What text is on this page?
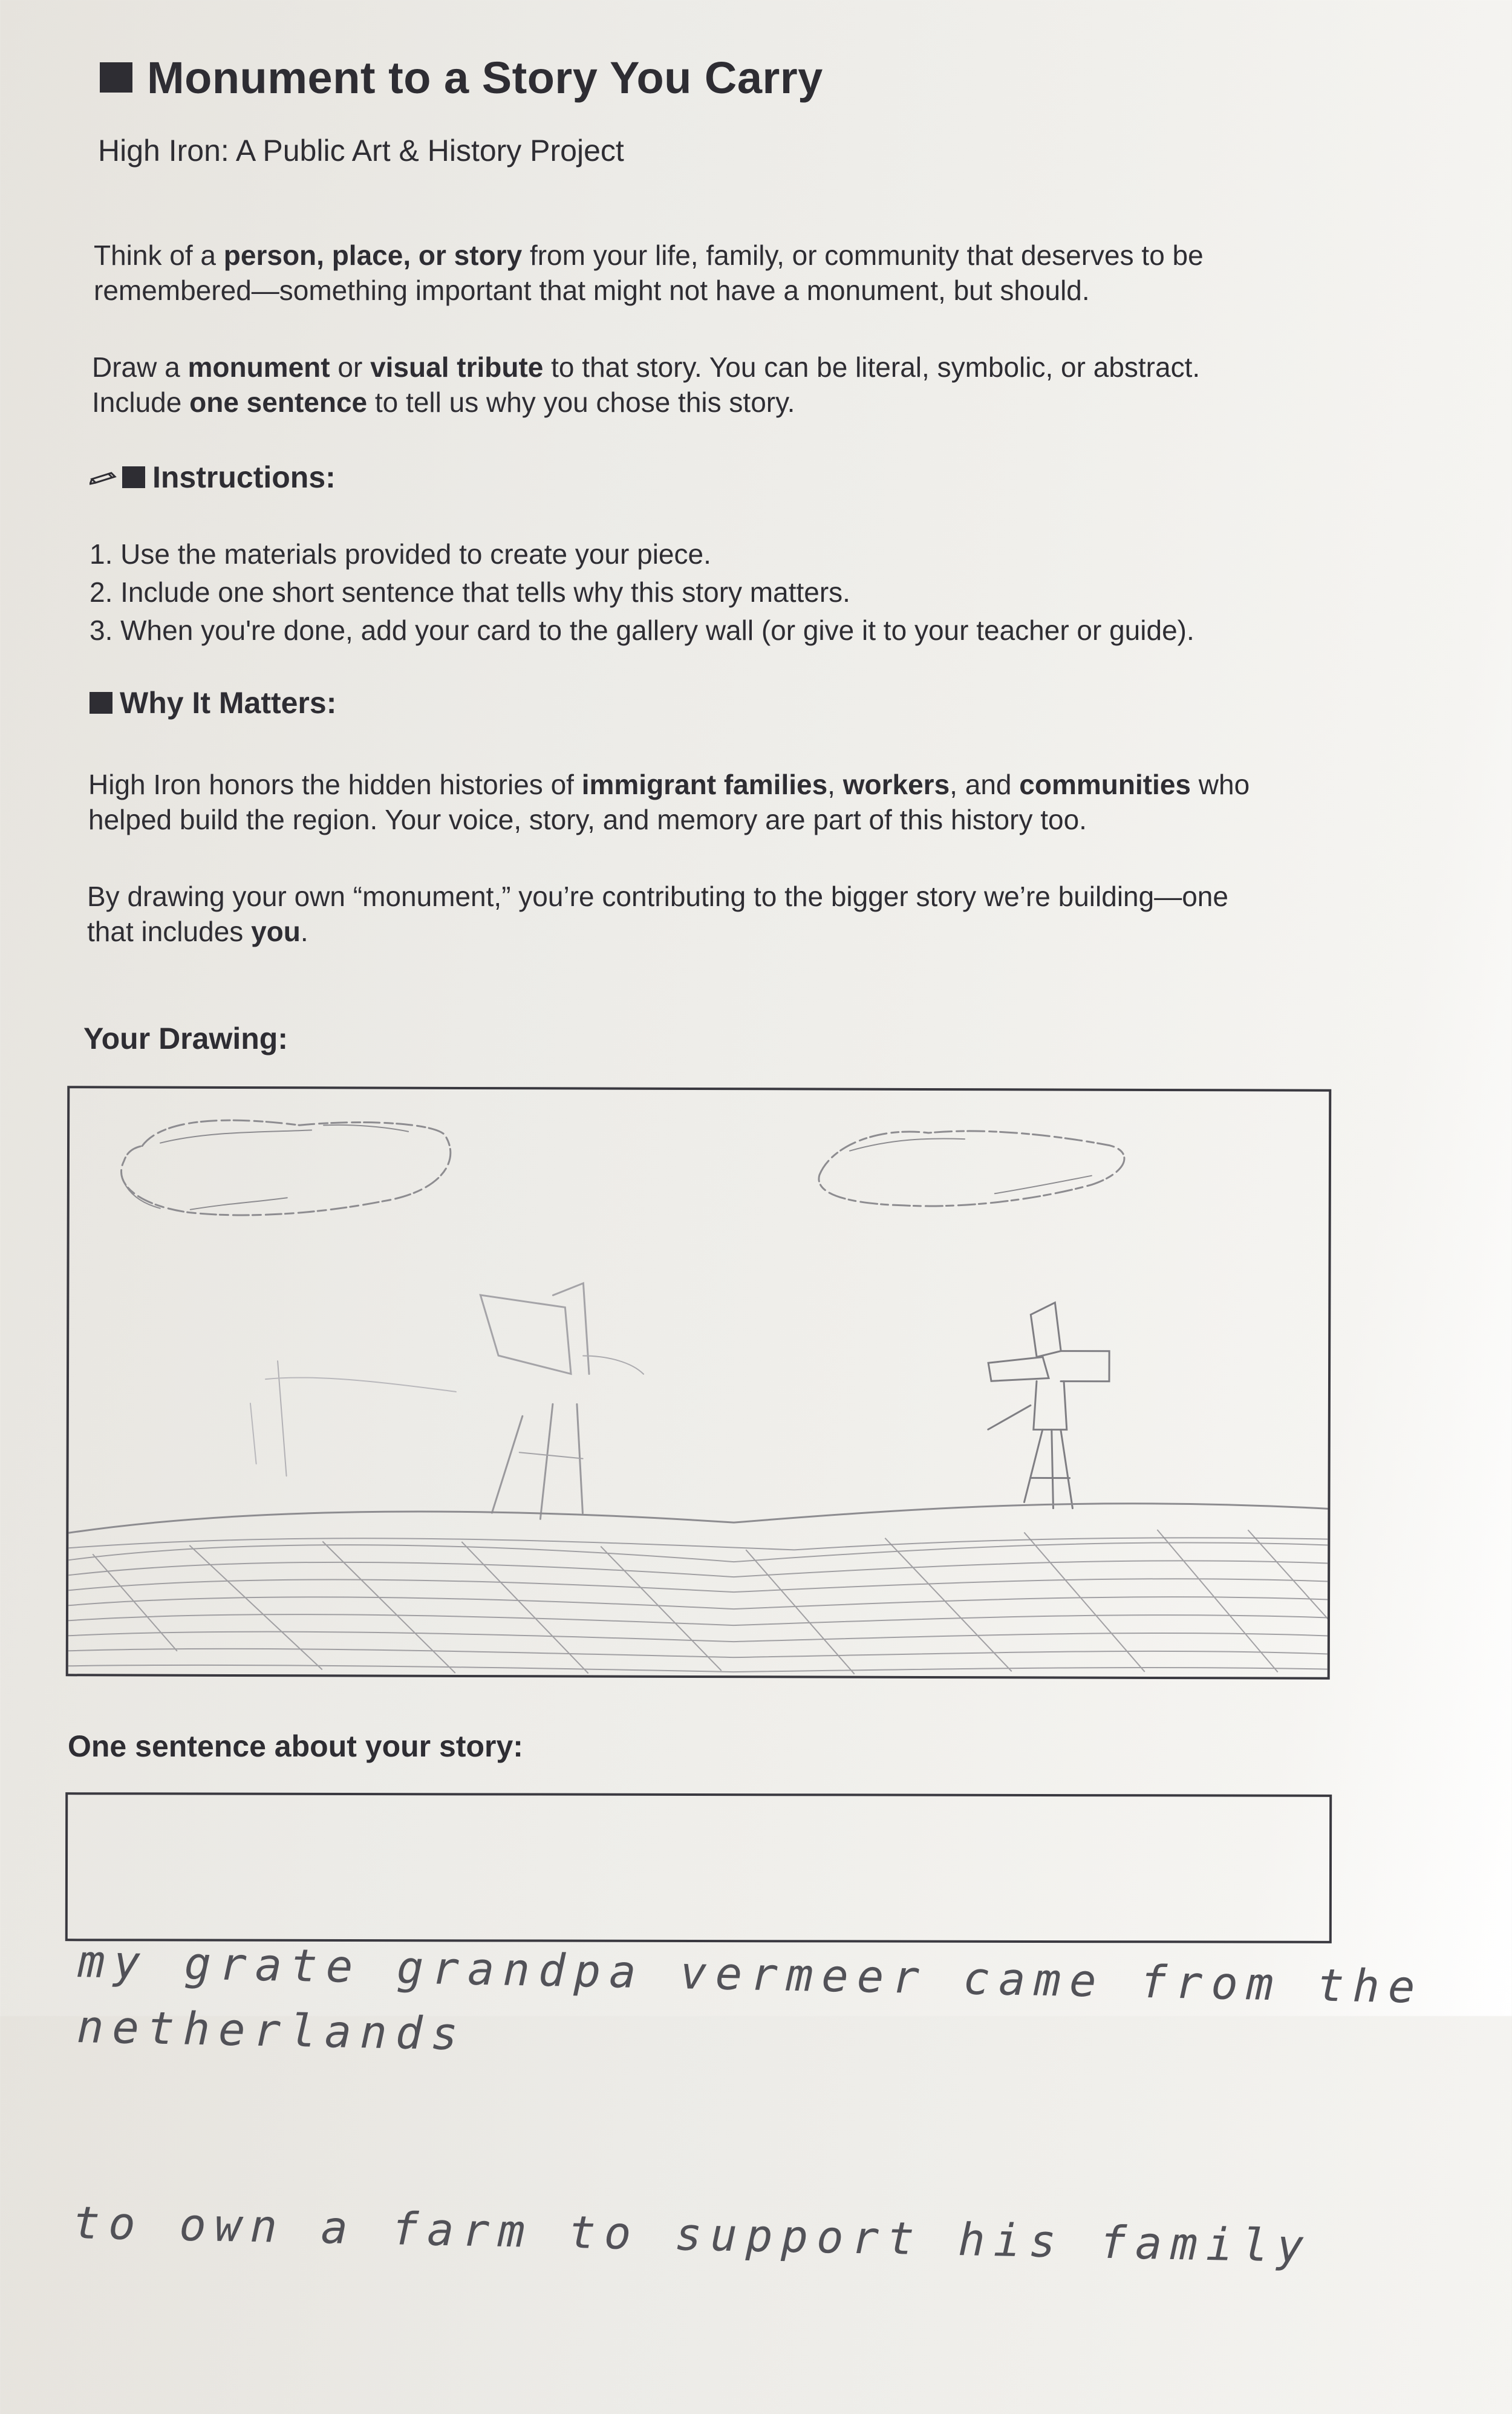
Monument to a Story You Carry
High Iron: A Public Art & History Project
Think of a person, place, or story from your life, family, or community that deserves to be
remembered—something important that might not have a monument, but should.
Draw a monument or visual tribute to that story. You can be literal, symbolic, or abstract.
Include one sentence to tell us why you chose this story.
Instructions:
1. Use the materials provided to create your piece.
2. Include one short sentence that tells why this story matters.
3. When you're done, add your card to the gallery wall (or give it to your teacher or guide).
Why It Matters:
High Iron honors the hidden histories of immigrant families, workers, and communities who
helped build the region. Your voice, story, and memory are part of this history too.
By drawing your own “monument,” you’re contributing to the bigger story we’re building—one
that includes you.
Your Drawing:
One sentence about your story:

my grate grandpa vermeer came from the netherlands

to own a farm to support his family
